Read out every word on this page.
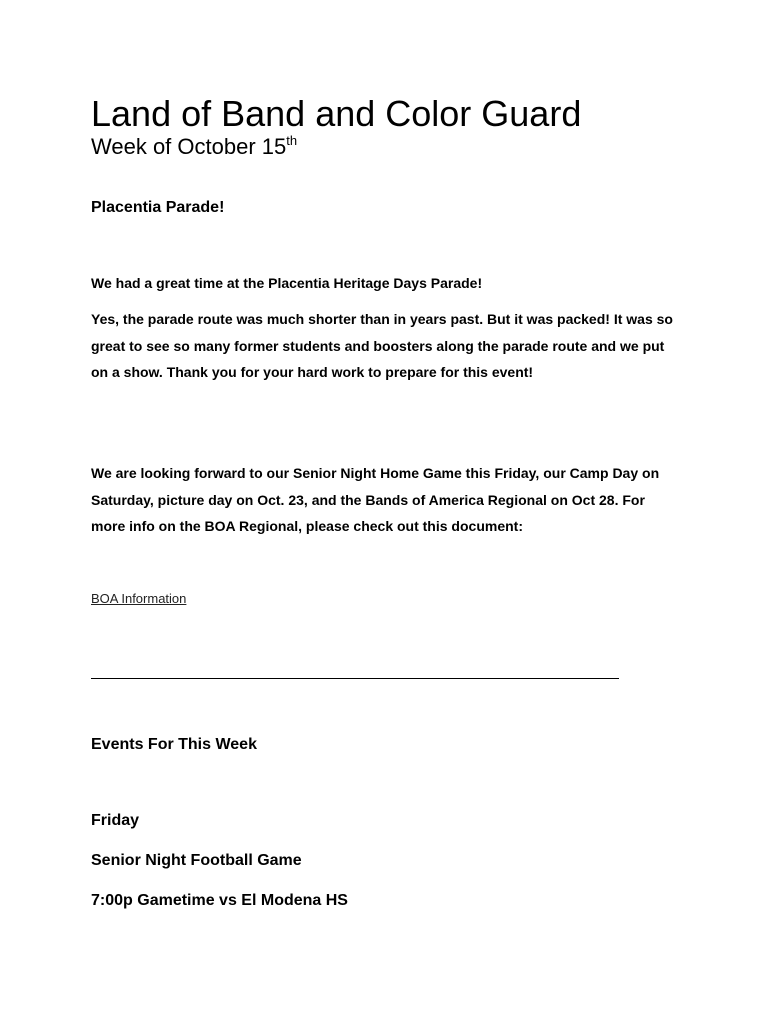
Land of Band and Color Guard
Week of October 15th
Placentia Parade!

We had a great time at the Placentia Heritage Days Parade!

Yes, the parade route was much shorter than in years past. But it was packed! It was so great to see so many former students and boosters along the parade route and we put on a show. Thank you for your hard work to prepare for this event!

We are looking forward to our Senior Night Home Game this Friday, our Camp Day on Saturday, picture day on Oct. 23, and the Bands of America Regional on Oct 28. For more info on the BOA Regional, please check out this document:

BOA Information
Events For This Week
Friday
Senior Night Football Game
7:00p Gametime vs El Modena HS
